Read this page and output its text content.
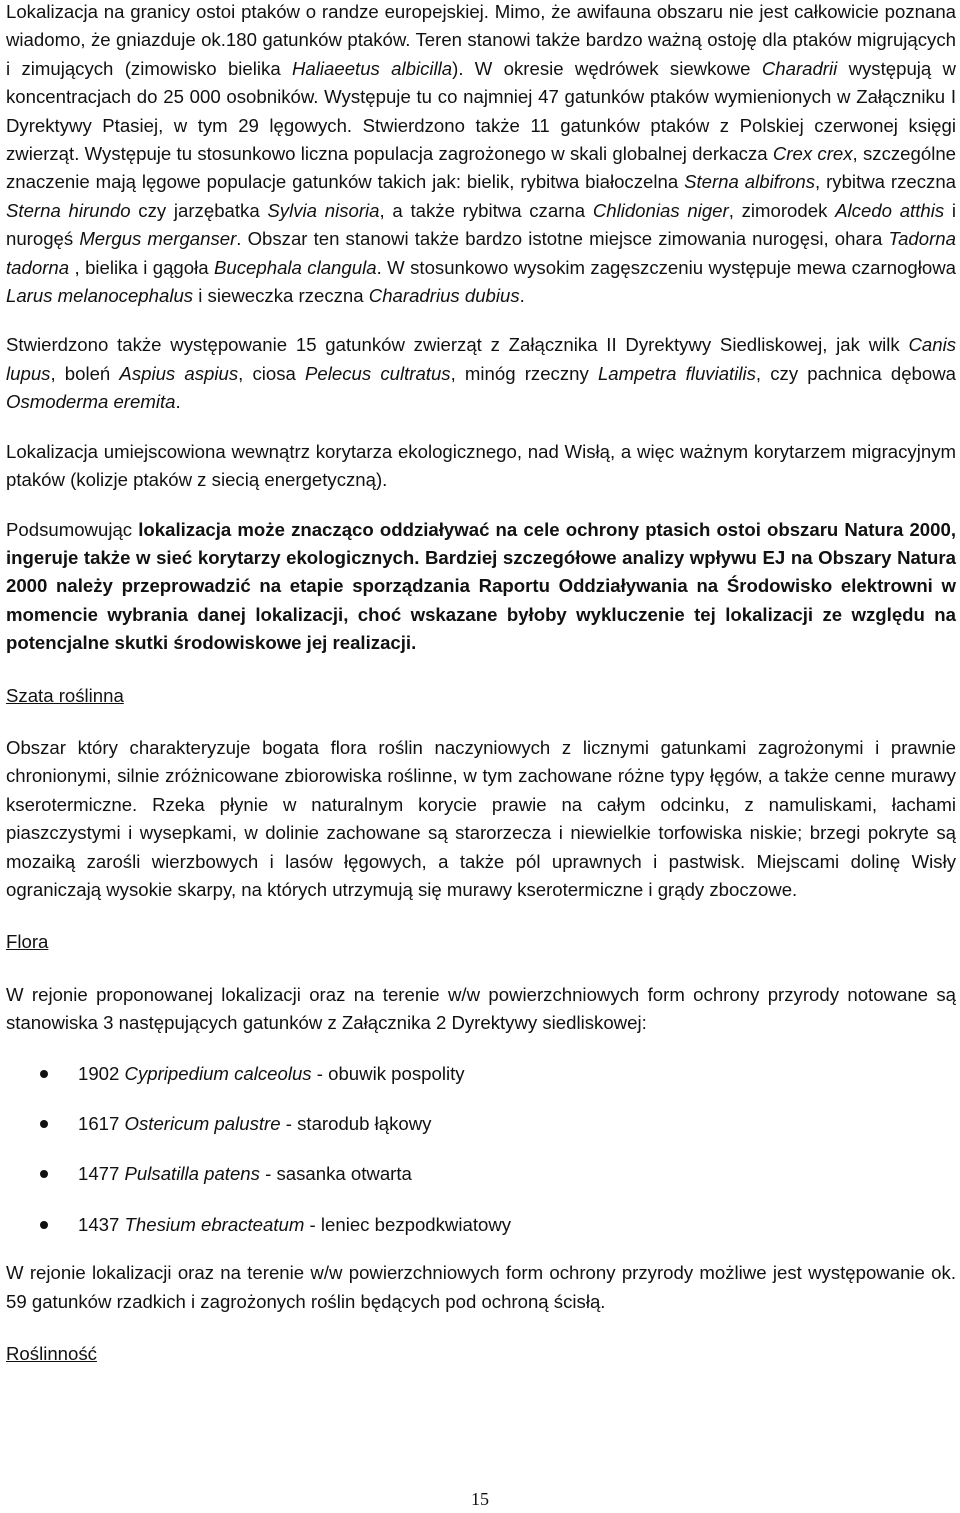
Lokalizacja na granicy ostoi ptaków o randze europejskiej. Mimo, że awifauna obszaru nie jest całkowicie poznana wiadomo, że gniazduje ok.180 gatunków ptaków. Teren stanowi także bardzo ważną ostoję dla ptaków migrujących i zimujących (zimowisko bielika Haliaeetus albicilla). W okresie wędrówek siewkowe Charadrii występują w koncentracjach do 25 000 osobników. Występuje tu co najmniej 47 gatunków ptaków wymienionych w Załączniku I Dyrektywy Ptasiej, w tym 29 lęgowych. Stwierdzono także 11 gatunków ptaków z Polskiej czerwonej księgi zwierząt. Występuje tu stosunkowo liczna populacja zagrożonego w skali globalnej derkacza Crex crex, szczególne znaczenie mają lęgowe populacje gatunków takich jak: bielik, rybitwa białoczelna Sterna albifrons, rybitwa rzeczna Sterna hirundo czy jarzębatka Sylvia nisoria, a także rybitwa czarna Chlidonias niger, zimorodek Alcedo atthis i nurogęś Mergus merganser. Obszar ten stanowi także bardzo istotne miejsce zimowania nurogęsi, ohara Tadorna tadorna , bielika i gągoła Bucephala clangula. W stosunkowo wysokim zagęszczeniu występuje mewa czarnogłowa Larus melanocephalus i sieweczka rzeczna Charadrius dubius.

Stwierdzono także występowanie 15 gatunków zwierząt z Załącznika II Dyrektywy Siedliskowej, jak wilk Canis lupus, boleń Aspius aspius, ciosa Pelecus cultratus, minóg rzeczny Lampetra fluviatilis, czy pachnica dębowa Osmoderma eremita.

Lokalizacja umiejscowiona wewnątrz korytarza ekologicznego, nad Wisłą, a więc ważnym korytarzem migracyjnym ptaków (kolizje ptaków z siecią energetyczną).

Podsumowując lokalizacja może znacząco oddziaływać na cele ochrony ptasich ostoi obszaru Natura 2000, ingeruje także w sieć korytarzy ekologicznych. Bardziej szczegółowe analizy wpływu EJ na Obszary Natura 2000 należy przeprowadzić na etapie sporządzania Raportu Oddziaływania na Środowisko elektrowni w momencie wybrania danej lokalizacji, choć wskazane byłoby wykluczenie tej lokalizacji ze względu na potencjalne skutki środowiskowe jej realizacji.

Szata roślinna

Obszar który charakteryzuje bogata flora roślin naczyniowych z licznymi gatunkami zagrożonymi i prawnie chronionymi, silnie zróżnicowane zbiorowiska roślinne, w tym zachowane różne typy łęgów, a także cenne murawy kserotermiczne. Rzeka płynie w naturalnym korycie prawie na całym odcinku, z namuliskami, łachami piaszczystymi i wysepkami, w dolinie zachowane są starorzecza i niewielkie torfowiska niskie; brzegi pokryte są mozaiką zarośli wierzbowych i lasów łęgowych, a także pól uprawnych i pastwisk. Miejscami dolinę Wisły ograniczają wysokie skarpy, na których utrzymują się murawy kserotermiczne i grądy zboczowe.

Flora

W rejonie proponowanej lokalizacji oraz na terenie w/w powierzchniowych form ochrony przyrody notowane są stanowiska 3 następujących gatunków z Załącznika 2 Dyrektywy siedliskowej:

1902 Cypripedium calceolus - obuwik pospolity
1617 Ostericum palustre - starodub łąkowy
1477 Pulsatilla patens - sasanka otwarta
1437 Thesium ebracteatum - leniec bezpodkwiatowy

W rejonie lokalizacji oraz na terenie w/w powierzchniowych form ochrony przyrody możliwe jest występowanie ok. 59 gatunków rzadkich i zagrożonych roślin będących pod ochroną ścisłą.

Roślinność
15
